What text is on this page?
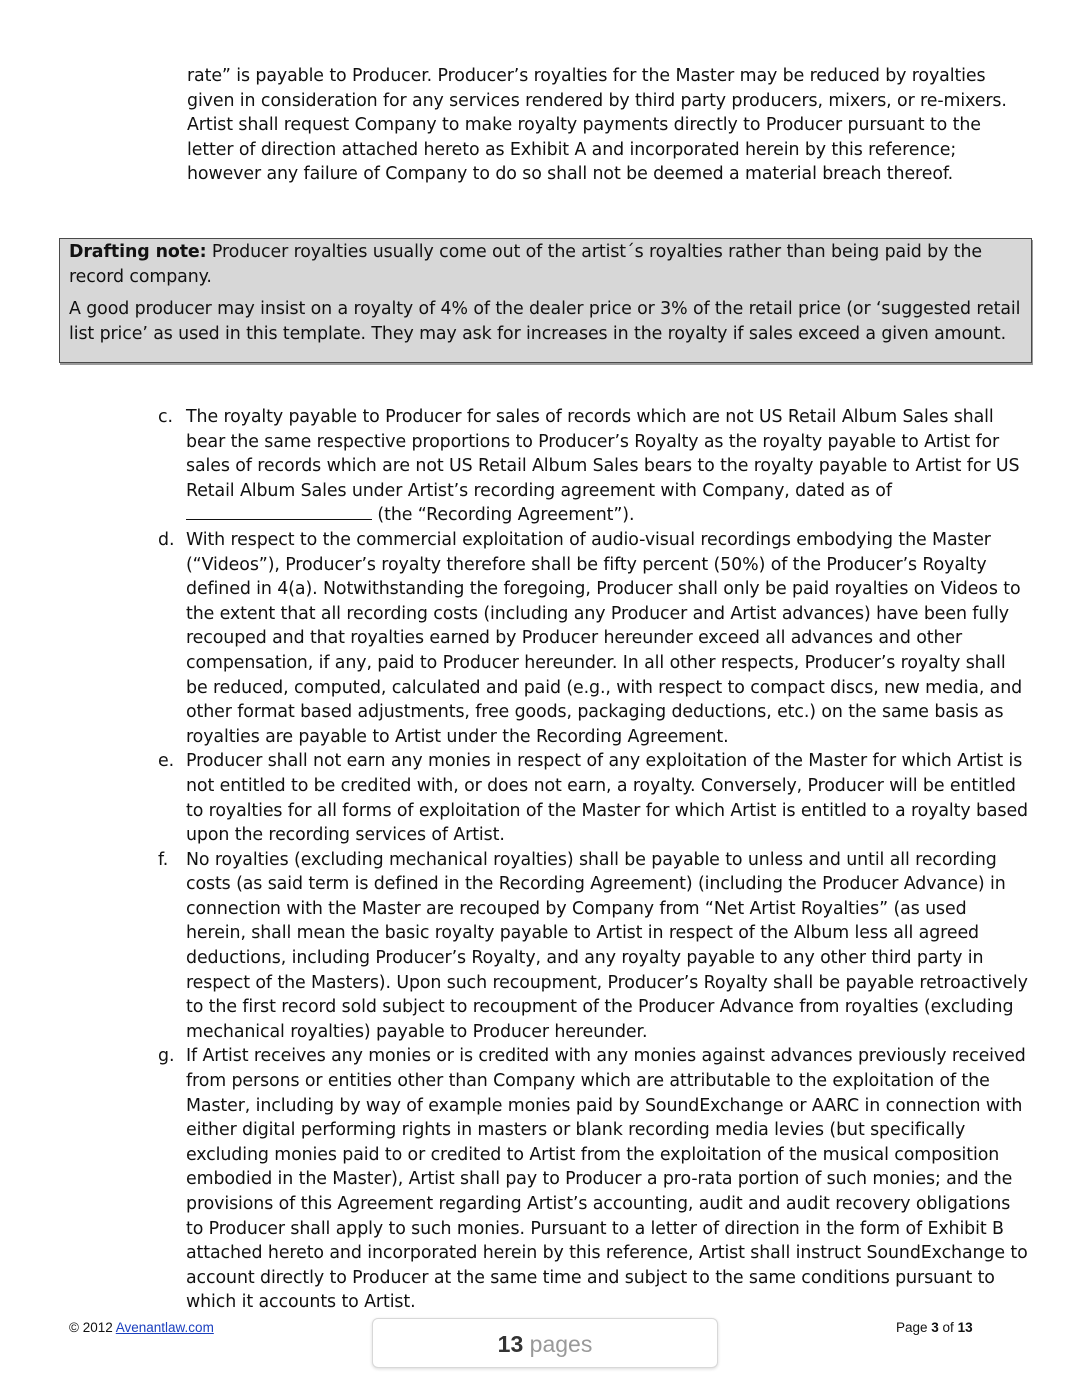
rate” is payable to Producer. Producer’s royalties for the Master may be reduced by royalties given in consideration for any services rendered by third party producers, mixers, or re-mixers. Artist shall request Company to make royalty payments directly to Producer pursuant to the letter of direction attached hereto as Exhibit A and incorporated herein by this reference; however any failure of Company to do so shall not be deemed a material breach thereof.

Drafting note: Producer royalties usually come out of the artist´s royalties rather than being paid by the record company.

A good producer may insist on a royalty of 4% of the dealer price or 3% of the retail price (or ‘suggested retail list price’ as used in this template. They may ask for increases in the royalty if sales exceed a given amount.

c. The royalty payable to Producer for sales of records which are not US Retail Album Sales shall bear the same respective proportions to Producer’s Royalty as the royalty payable to Artist for sales of records which are not US Retail Album Sales bears to the royalty payable to Artist for US Retail Album Sales under Artist’s recording agreement with Company, dated as of  (the “Recording Agreement”).
d. With respect to the commercial exploitation of audio-visual recordings embodying the Master (“Videos”), Producer’s royalty therefore shall be fifty percent (50%) of the Producer’s Royalty defined in 4(a). Notwithstanding the foregoing, Producer shall only be paid royalties on Videos to the extent that all recording costs (including any Producer and Artist advances) have been fully recouped and that royalties earned by Producer hereunder exceed all advances and other compensation, if any, paid to Producer hereunder. In all other respects, Producer’s royalty shall be reduced, computed, calculated and paid (e.g., with respect to compact discs, new media, and other format based adjustments, free goods, packaging deductions, etc.) on the same basis as royalties are payable to Artist under the Recording Agreement.
e. Producer shall not earn any monies in respect of any exploitation of the Master for which Artist is not entitled to be credited with, or does not earn, a royalty. Conversely, Producer will be entitled to royalties for all forms of exploitation of the Master for which Artist is entitled to a royalty based upon the recording services of Artist.
f.	No royalties (excluding mechanical royalties) shall be payable to unless and until all recording costs (as said term is defined in the Recording Agreement) (including the Producer Advance) in connection with the Master are recouped by Company from “Net Artist Royalties” (as used herein, shall mean the basic royalty payable to Artist in respect of the Album less all agreed deductions, including Producer’s Royalty, and any royalty payable to any other third party in respect of the Masters). Upon such recoupment, Producer’s Royalty shall be payable retroactively to the first record sold subject to recoupment of the Producer Advance from royalties (excluding mechanical royalties) payable to Producer hereunder.
g. If Artist receives any monies or is credited with any monies against advances previously received from persons or entities other than Company which are attributable to the exploitation of the Master, including by way of example monies paid by SoundExchange or AARC in connection with either digital performing rights in masters or blank recording media levies (but specifically excluding monies paid to or credited to Artist from the exploitation of the musical composition embodied in the Master), Artist shall pay to Producer a pro-rata portion of such monies; and the provisions of this Agreement regarding Artist’s accounting, audit and audit recovery obligations to Producer shall apply to such monies. Pursuant to a letter of direction in the form of Exhibit B attached hereto and incorporated herein by this reference, Artist shall instruct SoundExchange to account directly to Producer at the same time and subject to the same conditions pursuant to which it accounts to Artist.
© 2012 Avenantlaw.com
13 pages
Page 3 of 13
